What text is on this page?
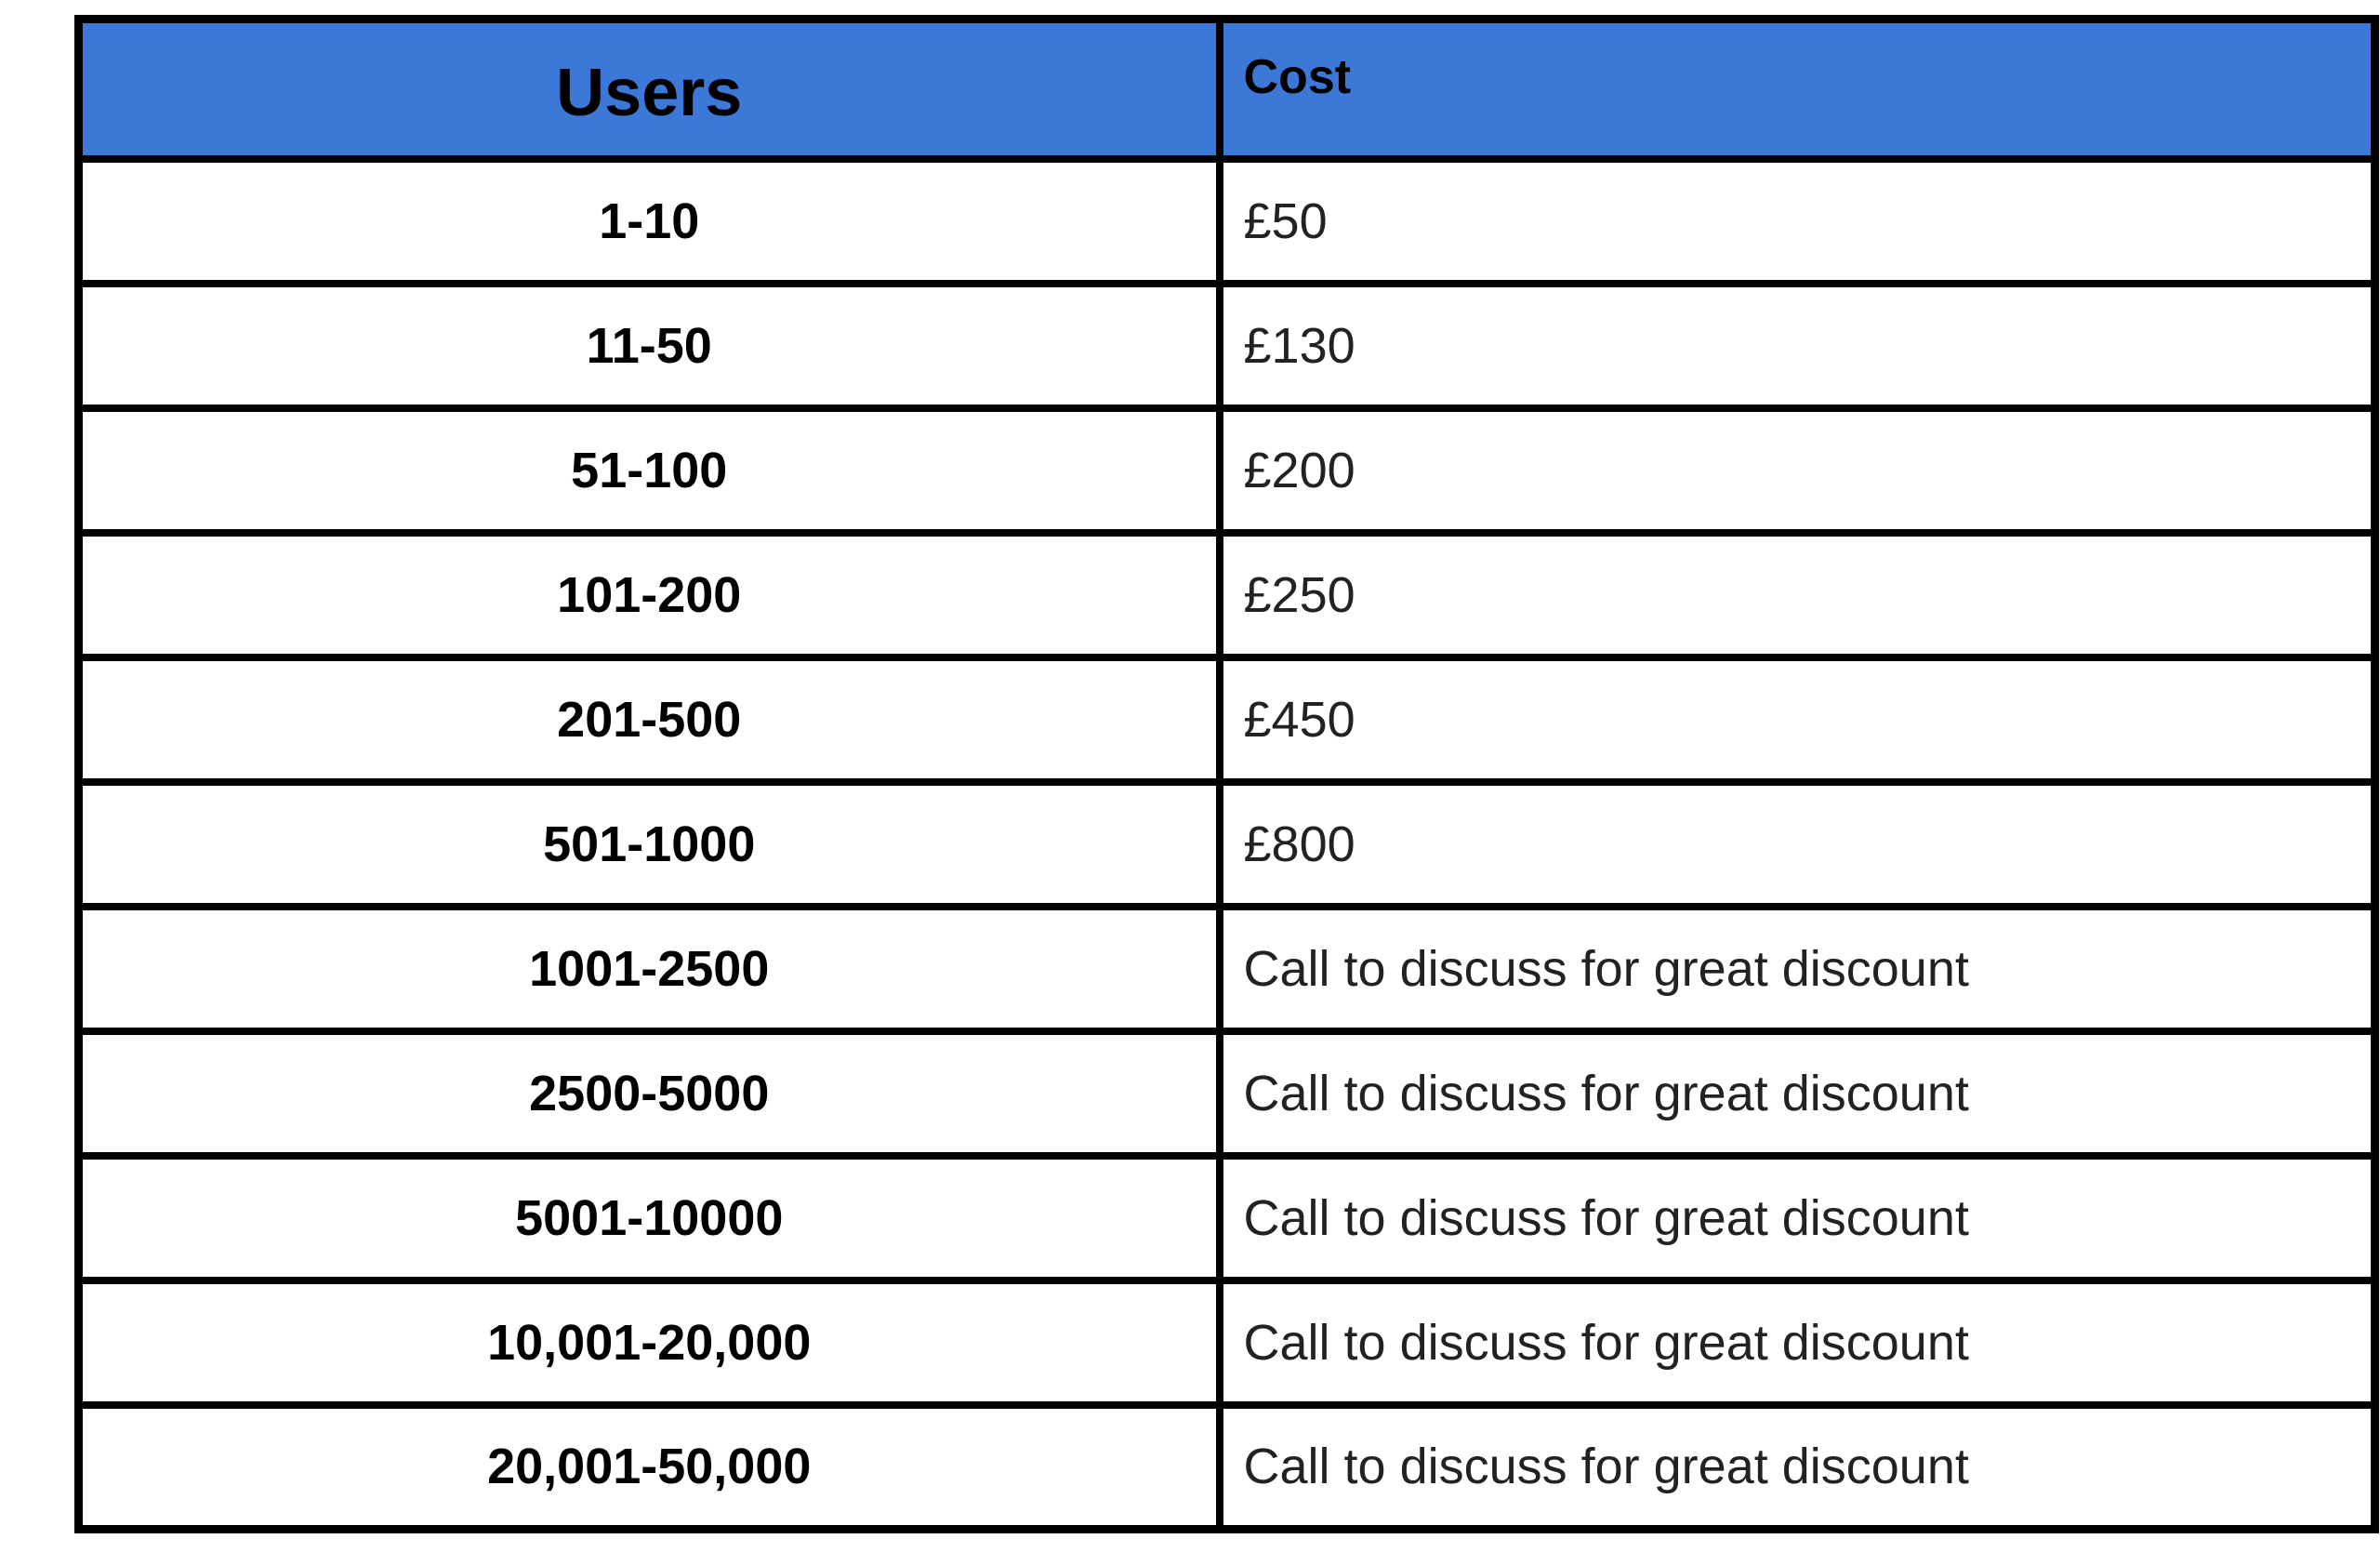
Users	Cost
1-10	£50
11-50	£130
51-100	£200
101-200	£250
201-500	£450
501-1000	£800
1001-2500	Call to discuss for great discount
2500-5000	Call to discuss for great discount
5001-10000	Call to discuss for great discount
10,001-20,000	Call to discuss for great discount
20,001-50,000	Call to discuss for great discount
